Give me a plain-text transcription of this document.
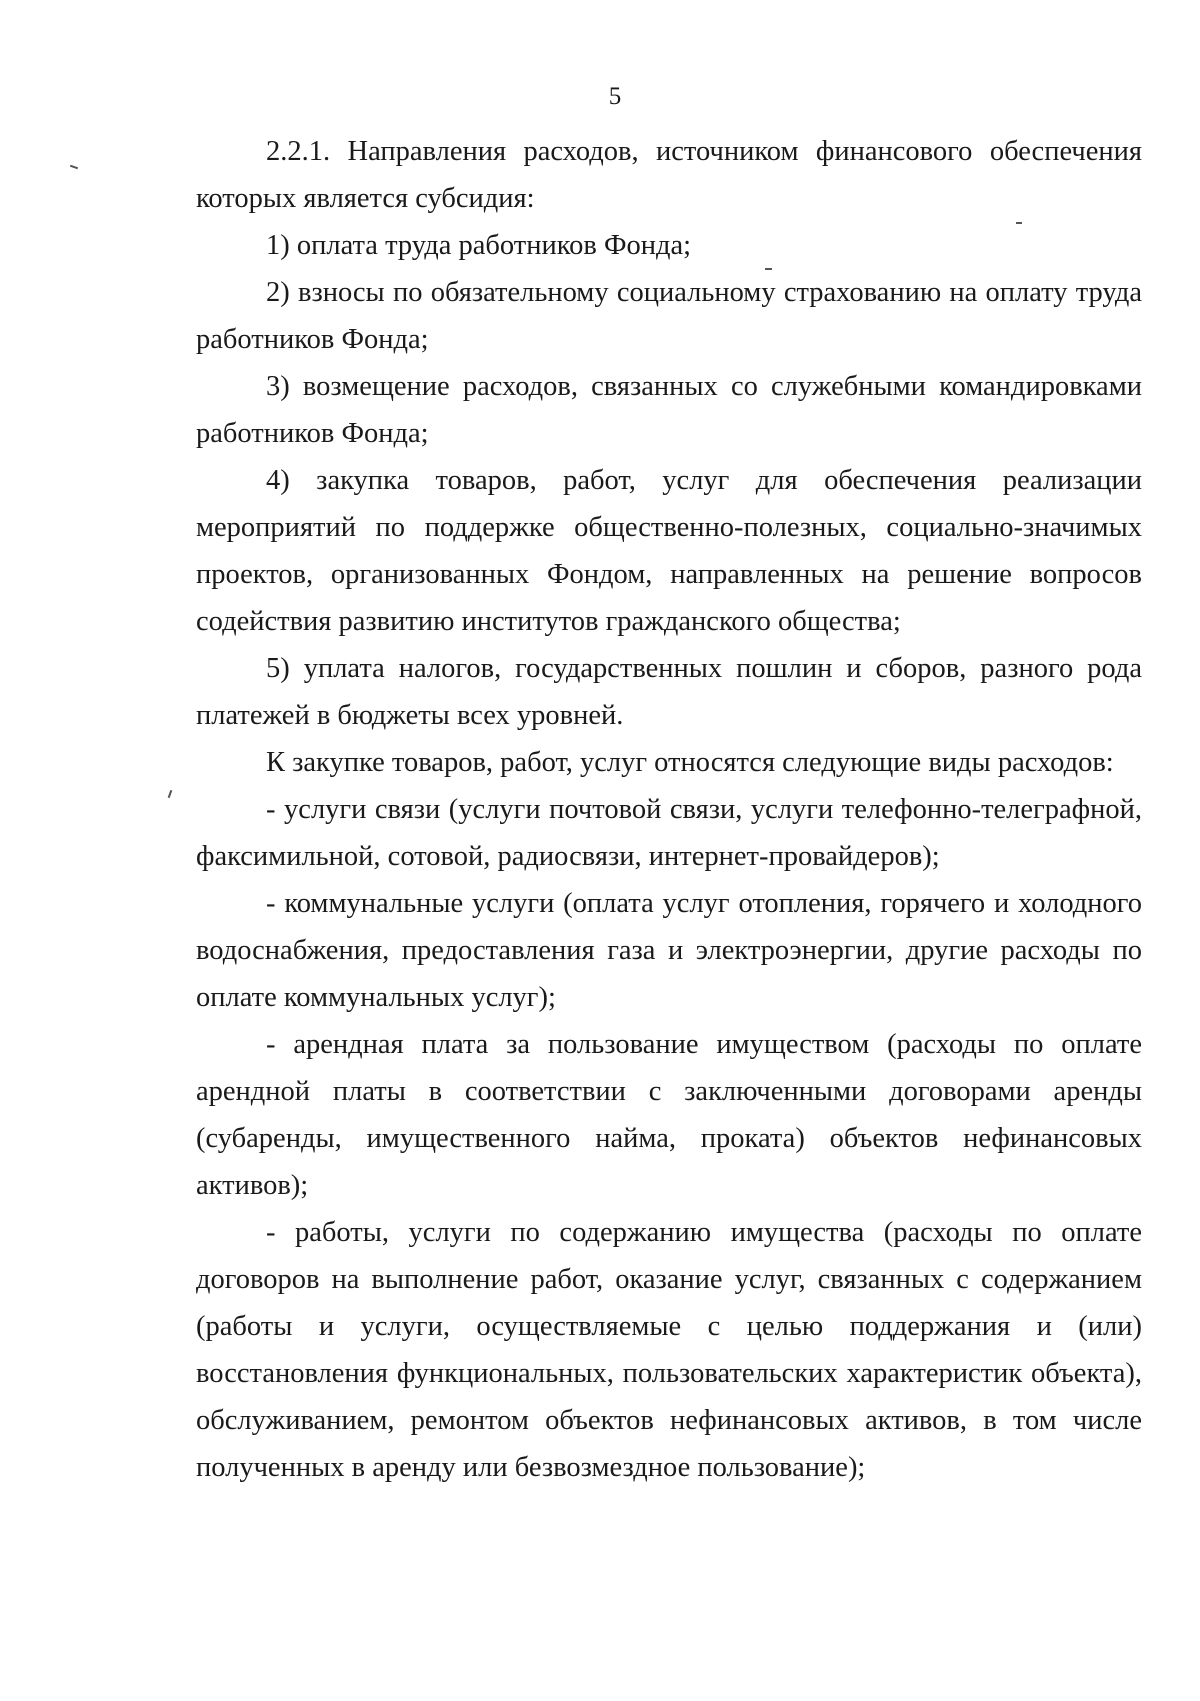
5

2.2.1. Направления расходов, источником финансового обеспечения которых является субсидия:

1) оплата труда работников Фонда;

2) взносы по обязательному социальному страхованию на оплату труда работников Фонда;

3) возмещение расходов, связанных со служебными командировками работников Фонда;

4) закупка товаров, работ, услуг для обеспечения реализации мероприятий по поддержке общественно-полезных, социально-значимых проектов, организованных Фондом, направленных на решение вопросов содействия развитию институтов гражданского общества;

5) уплата налогов, государственных пошлин и сборов, разного рода платежей в бюджеты всех уровней.

К закупке товаров, работ, услуг относятся следующие виды расходов:

- услуги связи (услуги почтовой связи, услуги телефонно-телеграфной, факсимильной, сотовой, радиосвязи, интернет-провайдеров);

- коммунальные услуги (оплата услуг отопления, горячего и холодного водоснабжения, предоставления газа и электроэнергии, другие расходы по оплате коммунальных услуг);

- арендная плата за пользование имуществом (расходы по оплате арендной платы в соответствии с заключенными договорами аренды (субаренды, имущественного найма, проката) объектов нефинансовых активов);

- работы, услуги по содержанию имущества (расходы по оплате договоров на выполнение работ, оказание услуг, связанных с содержанием (работы и услуги, осуществляемые с целью поддержания и (или) восстановления функциональных, пользовательских характеристик объекта), обслуживанием, ремонтом объектов нефинансовых активов, в том числе полученных в аренду или безвозмездное пользование);
